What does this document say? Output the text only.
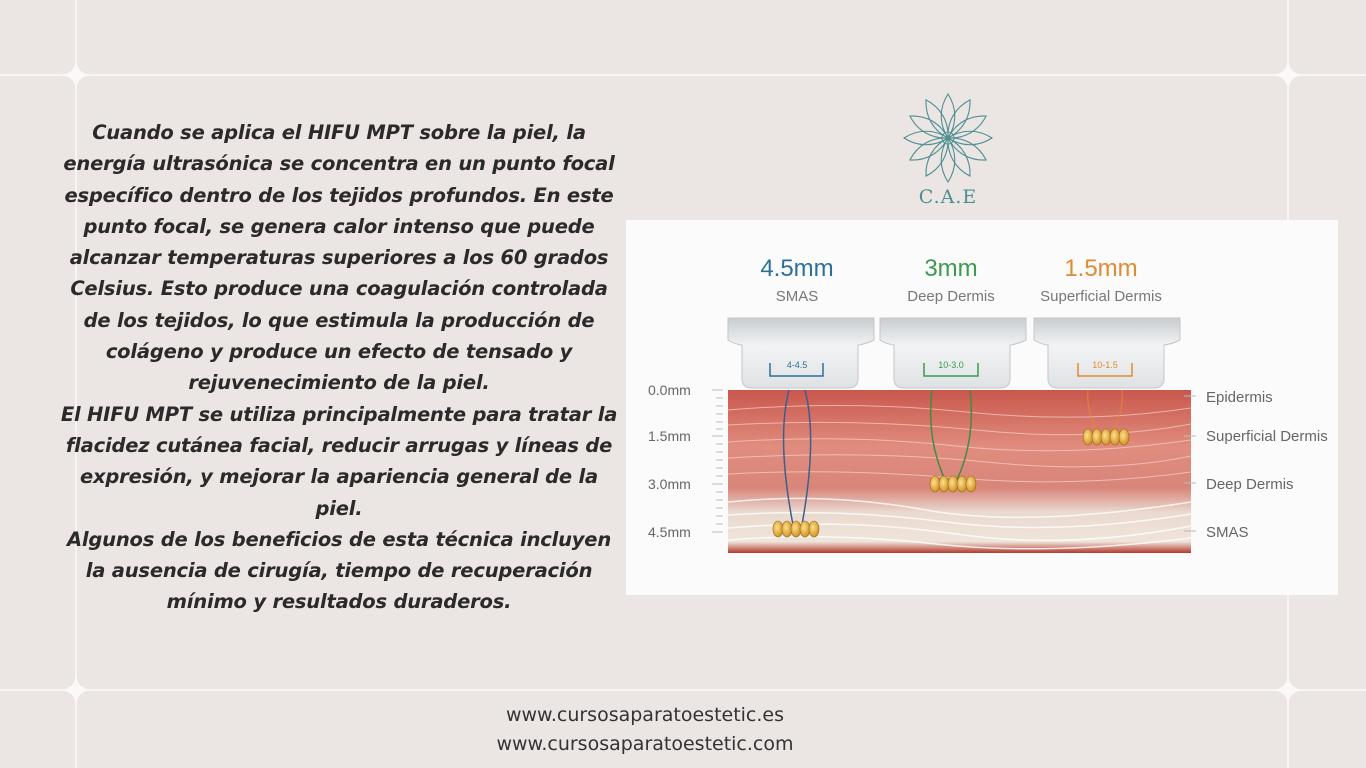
Cuando se aplica el HIFU MPT sobre la piel, la energía ultrasónica se concentra en un punto focal específico dentro de los tejidos profundos. En este punto focal, se genera calor intenso que puede alcanzar temperaturas superiores a los 60 grados Celsius. Esto produce una coagulación controlada de los tejidos, lo que estimula la producción de colágeno y produce un efecto de tensado y rejuvenecimiento de la piel.

El HIFU MPT se utiliza principalmente para tratar la flacidez cutánea facial, reducir arrugas y líneas de expresión, y mejorar la apariencia general de la piel.

Algunos de los beneficios de esta técnica incluyen la ausencia de cirugía, tiempo de recuperación mínimo y resultados duraderos.

C.A.E
0.0mm
1.5mm
3.0mm
4.5mm
Epidermis
Superficial Dermis
Deep Dermis
SMAS
4.5mm
SMAS
4-4.5
3mm
Deep Dermis
10-3.0
1.5mm
Superficial Dermis
10-1.5
www.cursosaparatoestetic.es
www.cursosaparatoestetic.com
